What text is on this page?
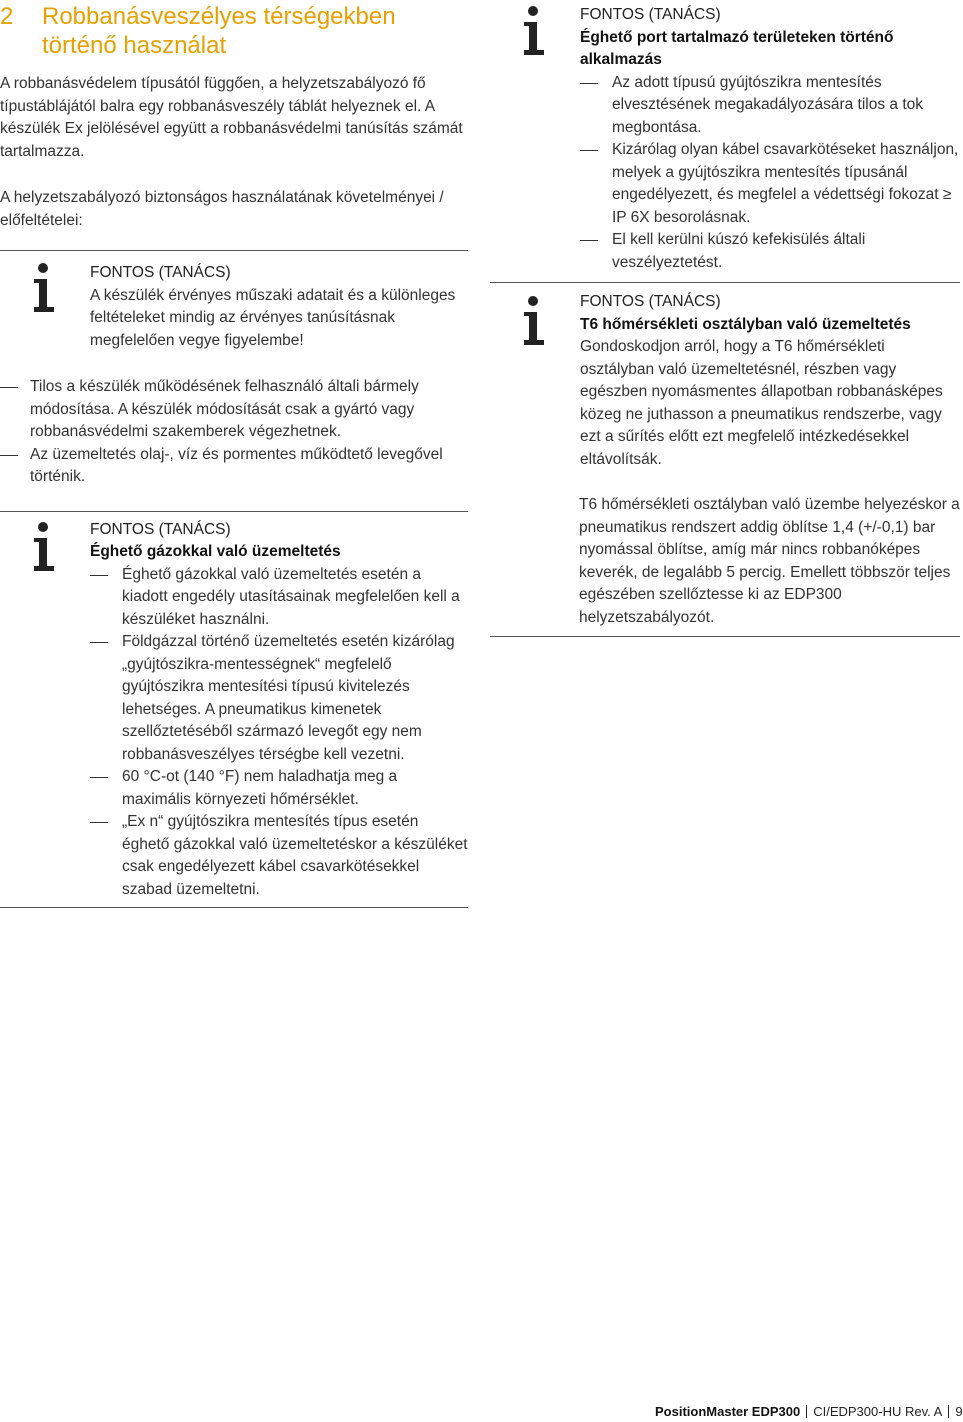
2	Robbanásveszélyes térségekben történő használat

A robbanásvédelem típusától függően, a helyzetszabályozó fő típustáblájától balra egy robbanásveszély táblát helyeznek el. A készülék Ex jelölésével együtt a robbanásvédelmi tanúsítás számát tartalmazza.

A helyzetszabályozó biztonságos használatának követelményei / előfeltételei:

FONTOS (TANÁCS)
A készülék érvényes műszaki adatait és a különleges feltételeket mindig az érvényes tanúsításnak megfelelően vegye figyelembe!
Tilos a készülék működésének felhasználó általi bármely módosítása. A készülék módosítását csak a gyártó vagy robbanásvédelmi szakemberek végezhetnek.
Az üzemeltetés olaj-, víz és pormentes működtető levegővel történik.
FONTOS (TANÁCS)
Éghető gázokkal való üzemeltetés
Éghető gázokkal való üzemeltetés esetén a kiadott engedély utasításainak megfelelően kell a készüléket használni.
Földgázzal történő üzemeltetés esetén kizárólag „gyújtószikra-mentességnek“ megfelelő gyújtószikra mentesítési típusú kivitelezés lehetséges. A pneumatikus kimenetek szellőztetéséből származó levegőt egy nem robbanásveszélyes térségbe kell vezetni.
60 °C-ot (140 °F) nem haladhatja meg a maximális környezeti hőmérséklet.
„Ex n“ gyújtószikra mentesítés típus esetén éghető gázokkal való üzemeltetéskor a készüléket csak engedélyezett kábel csavarkötésekkel szabad üzemeltetni.
FONTOS (TANÁCS)
Éghető port tartalmazó területeken történő alkalmazás
Az adott típusú gyújtószikra mentesítés elvesztésének megakadályozására tilos a tok megbontása.
Kizárólag olyan kábel csavarkötéseket használjon, melyek a gyújtószikra mentesítés típusánál engedélyezett, és megfelel a védettségi fokozat ≥ IP 6X besorolásnak.
El kell kerülni kúszó kefekisülés általi veszélyeztetést.
FONTOS (TANÁCS)
T6 hőmérsékleti osztályban való üzemeltetés
Gondoskodjon arról, hogy a T6 hőmérsékleti osztályban való üzemeltetésnél, részben vagy egészben nyomásmentes állapotban robbanásképes közeg ne juthasson a pneumatikus rendszerbe, vagy ezt a sűrítés előtt ezt megfelelő intézkedésekkel eltávolítsák.

T6 hőmérsékleti osztályban való üzembe helyezéskor a pneumatikus rendszert addig öblítse 1,4 (+/-0,1) bar nyomással öblítse, amíg már nincs robbanóképes keverék, de legalább 5 percig. Emellett többször teljes egészében szellőztesse ki az EDP300 helyzetszabályozót.

PositionMaster EDP300 CI/EDP300-HU Rev. A 9
